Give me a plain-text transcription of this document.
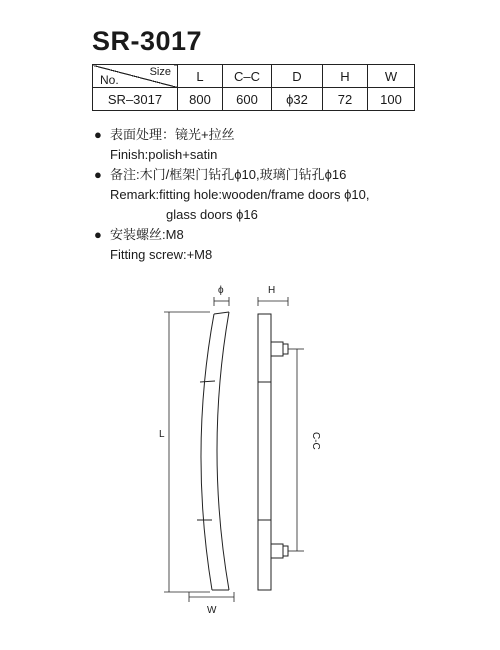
SR-3017
Size
No.	L	C–C	D	H	W
SR–3017	800	600	ϕ32	72	100
● 表面处理：镜光+拉丝
Finish:polish+satin
● 备注:木门/框架门钻孔ϕ10,玻璃门钻孔ϕ16
Remark:fitting hole:wooden/frame doors ϕ10,
glass doors ϕ16
● 安装螺丝:M8
Fitting screw:+M8
L
ϕ
W
H
C-C
